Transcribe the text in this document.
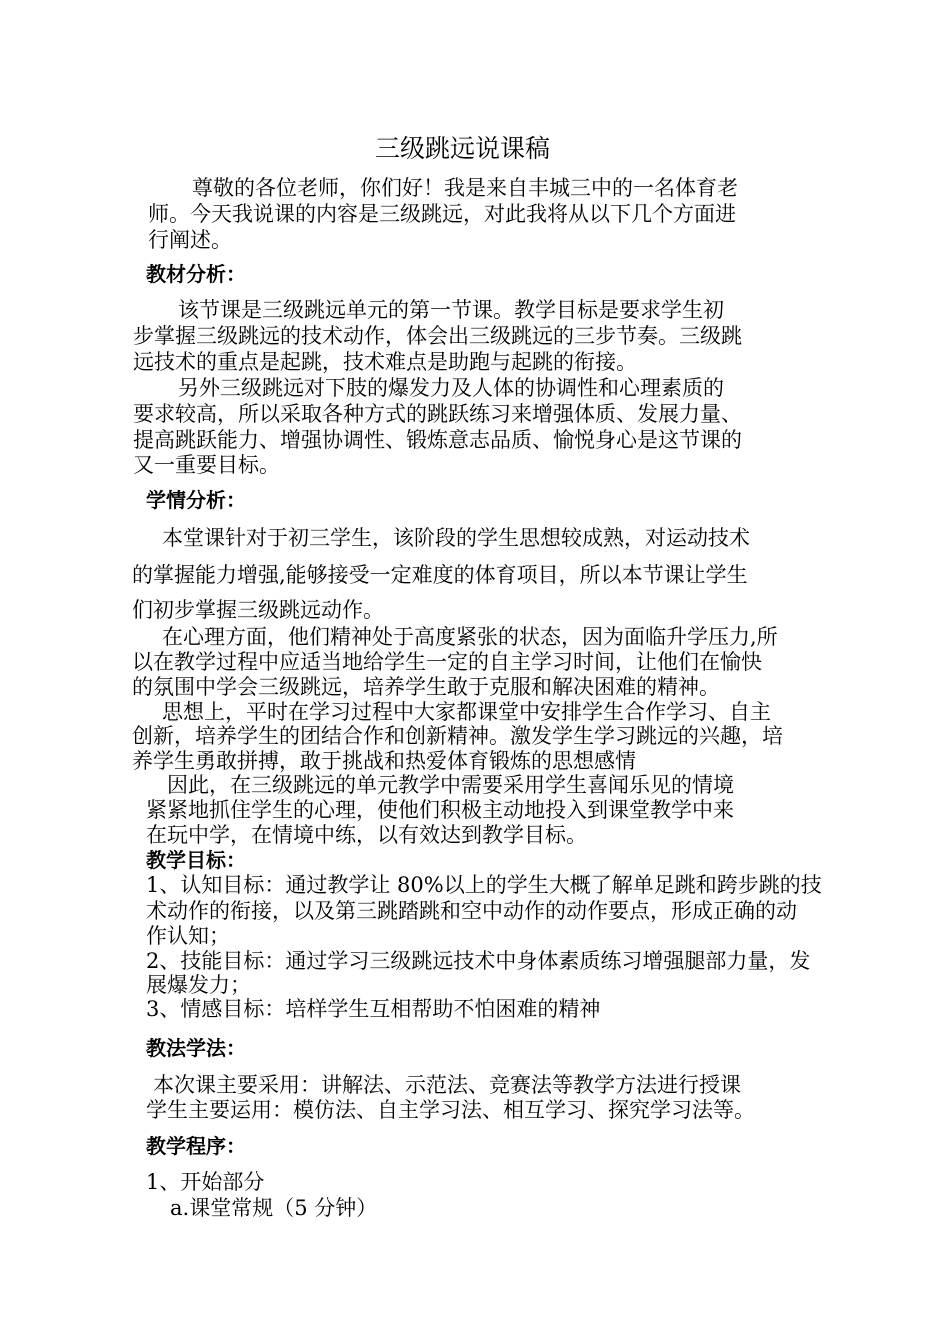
三级跳远说课稿
尊敬的各位老师，你们好！我是来自丰城三中的一名体育老
师。今天我说课的内容是三级跳远，对此我将从以下几个方面进
行阐述。
教材分析：
该节课是三级跳远单元的第一节课。教学目标是要求学生初
步掌握三级跳远的技术动作，体会出三级跳远的三步节奏。三级跳
远技术的重点是起跳，技术难点是助跑与起跳的衔接。
另外三级跳远对下肢的爆发力及人体的协调性和心理素质的
要求较高，所以采取各种方式的跳跃练习来增强体质、发展力量、
提高跳跃能力、增强协调性、锻炼意志品质、愉悦身心是这节课的
又一重要目标。
学情分析：
本堂课针对于初三学生，该阶段的学生思想较成熟，对运动技术
的掌握能力增强,能够接受一定难度的体育项目，所以本节课让学生
们初步掌握三级跳远动作。
在心理方面，他们精神处于高度紧张的状态，因为面临升学压力,所
以在教学过程中应适当地给学生一定的自主学习时间，让他们在愉快
的氛围中学会三级跳远，培养学生敢于克服和解决困难的精神。
思想上，平时在学习过程中大家都课堂中安排学生合作学习、自主
创新，培养学生的团结合作和创新精神。激发学生学习跳远的兴趣，培
养学生勇敢拼搏，敢于挑战和热爱体育锻炼的思想感情
因此，在三级跳远的单元教学中需要采用学生喜闻乐见的情境
紧紧地抓住学生的心理，使他们积极主动地投入到课堂教学中来
在玩中学，在情境中练，以有效达到教学目标。
教学目标：
1、认知目标：通过教学让 80%以上的学生大概了解单足跳和跨步跳的技
术动作的衔接，以及第三跳踏跳和空中动作的动作要点，形成正确的动
作认知；
2、技能目标：通过学习三级跳远技术中身体素质练习增强腿部力量，发
展爆发力；
3、情感目标：培样学生互相帮助不怕困难的精神
教法学法：
本次课主要采用：讲解法、示范法、竞赛法等教学方法进行授课
学生主要运用：模仿法、自主学习法、相互学习、探究学习法等。
教学程序：
1、开始部分
a.课堂常规（5 分钟）
